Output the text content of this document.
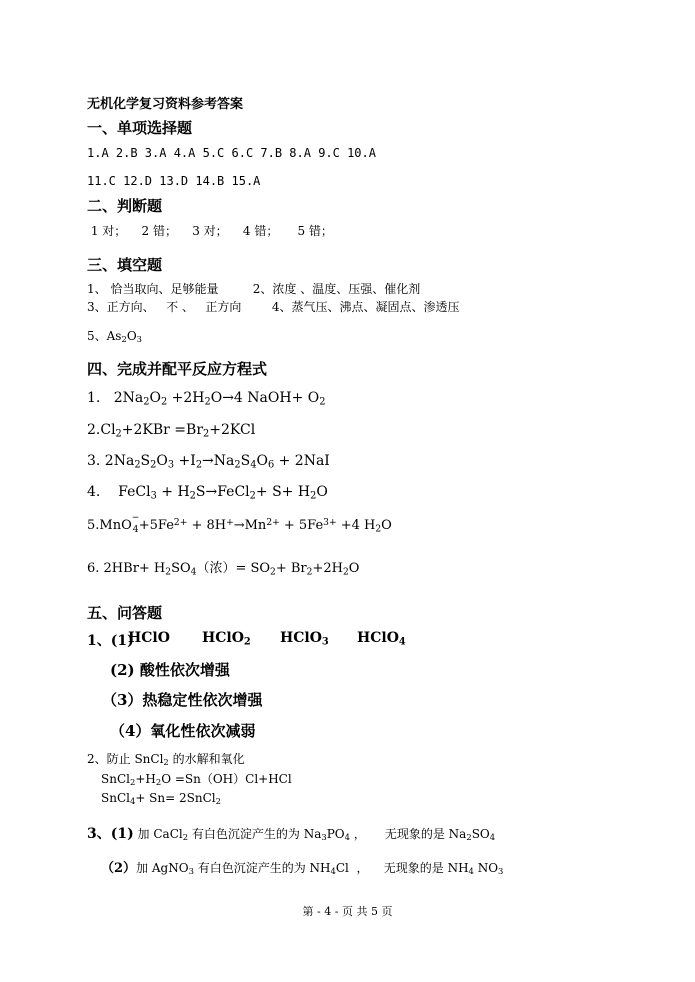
无机化学复习资料参考答案
一、单项选择题
1.A 2.B 3.A 4.A 5.C 6.C 7.B 8.A 9.C 10.A
11.C 12.D 13.D 14.B 15.A
二、判断题
1 对；    2 错；    3 对；    4 错；     5 错；
三、填空题
1、 恰当取向、足够能量         2、浓度 、温度、压强、催化剂
3、正方向、   不 、   正方向        4、蒸气压、沸点、凝固点、渗透压
5、$As_2O_3$
四、完成并配平反应方程式
1.   $2Na_2O_2 +2H_2O\to 4$ NaOH+ $O_2$
$2.Cl_2+2KBr =Br_2+2KCl$
3. $2Na_2S_2O_3 +I_2\to Na_2S_4O_6 + 2NaI$
4.    FeCl$_3$ + $H_2S\to FeCl_2+ S+ H_2O$
5.MnO −
$4 +5Fe^{2+} + 8H^+\to Mn^{2+} + 5Fe^{3+} +4$ $H_2O$
6. $2HBr+ H_2SO_4$（浓）= $SO_2+ Br_2+2H_2O$
五、问答题
1、(1)
HClO HClO$_2$ HClO$_3$ HClO$_4$
(2) 酸性依次增强
（3）热稳定性依次增强
（4）氧化性依次减弱
2、防止 SnCl$_2$ 的水解和氧化
$SnCl_2+H_2O =Sn(OH)Cl+HCl$
SnCl$_4$+ Sn= 2SnCl$_2$
3、(1) 加 CaCl$_2$ 有白色沉淀产生的为 $Na_3PO_4$ ，     无现象的是 $Na_2SO_4$
（2）加 AgNO$_3$ 有白色沉淀产生的为 $NH_4Cl$  ，    无现象的是 $NH_4$ $NO_3$
第 - 4 - 页 共 5 页
